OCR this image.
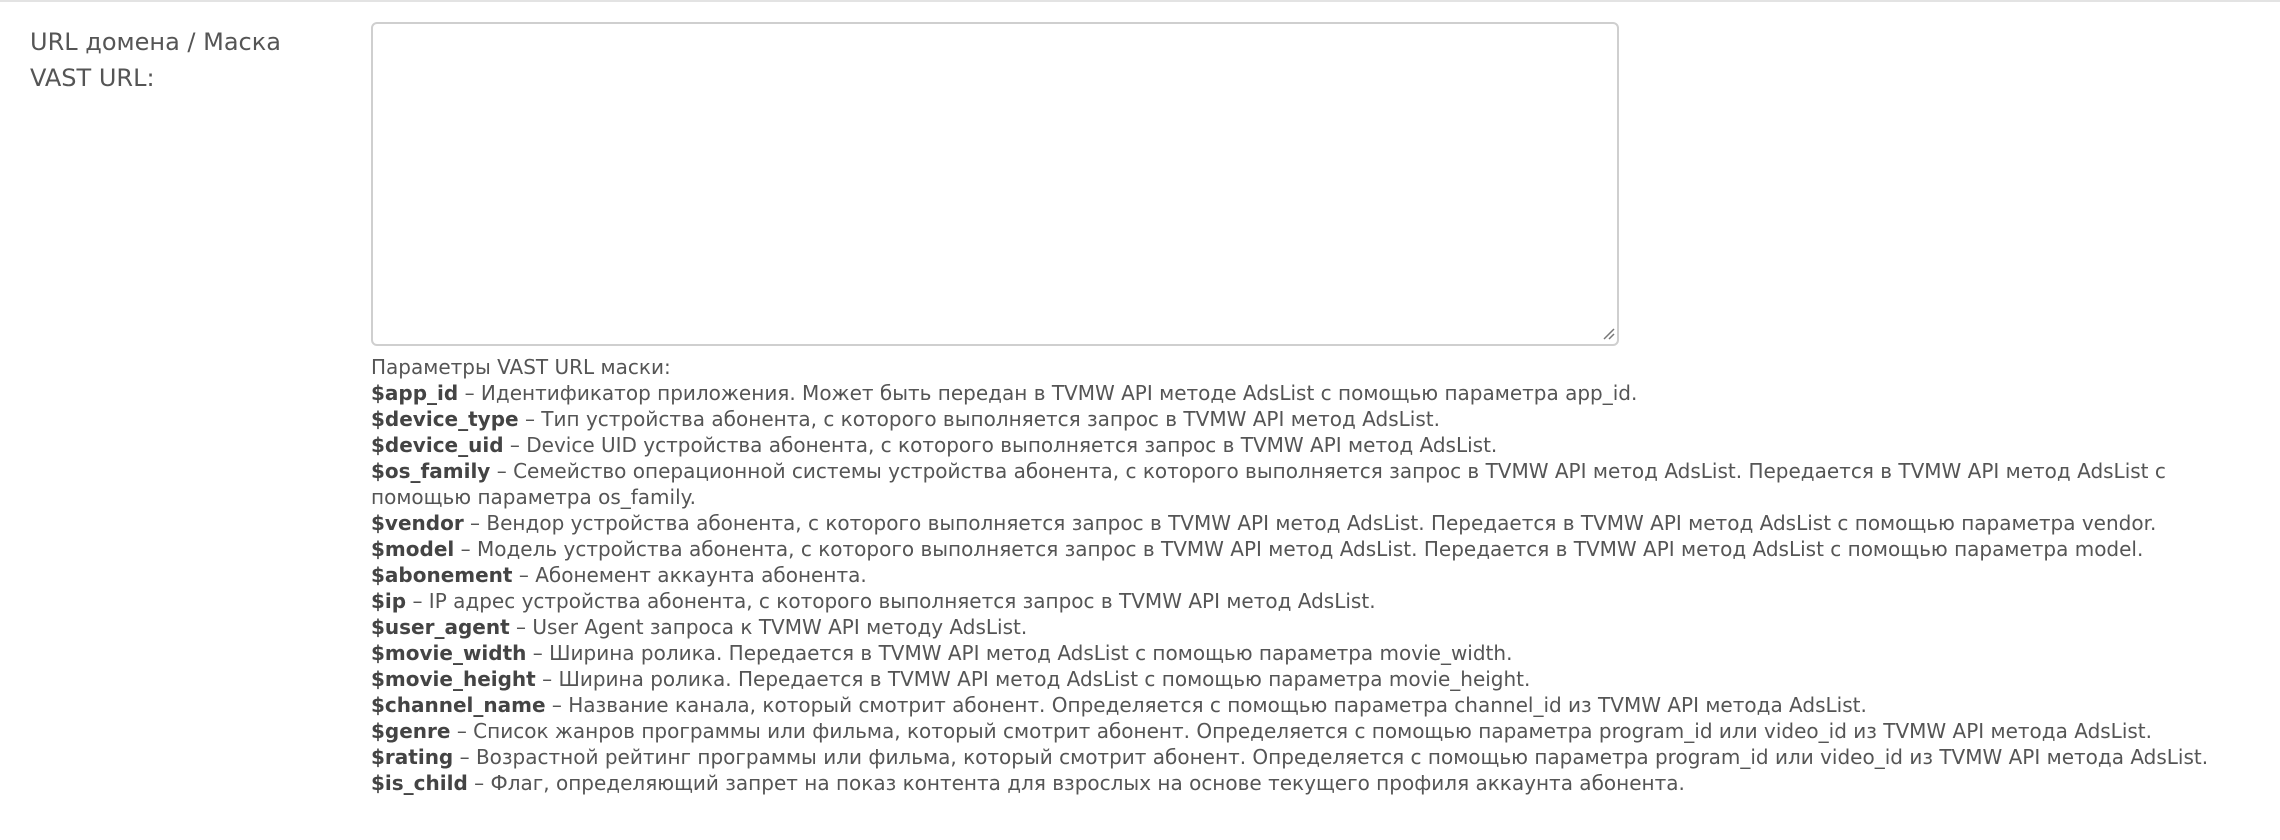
URL домена / Маска
VAST URL:
Параметры VAST URL маски:
$app_id – Идентификатор приложения. Может быть передан в TVMW API методе AdsList с помощью параметра app_id.
$device_type – Тип устройства абонента, с которого выполняется запрос в TVMW API метод AdsList.
$device_uid – Device UID устройства абонента, с которого выполняется запрос в TVMW API метод AdsList.
$os_family – Семейство операционной системы устройства абонента, с которого выполняется запрос в TVMW API метод AdsList. Передается в TVMW API метод AdsList с помощью параметра os_family.
$vendor – Вендор устройства абонента, с которого выполняется запрос в TVMW API метод AdsList. Передается в TVMW API метод AdsList с помощью параметра vendor.
$model – Модель устройства абонента, с которого выполняется запрос в TVMW API метод AdsList. Передается в TVMW API метод AdsList с помощью параметра model.
$abonement – Абонемент аккаунта абонента.
$ip – IP адрес устройства абонента, с которого выполняется запрос в TVMW API метод AdsList.
$user_agent – User Agent запроса к TVMW API методу AdsList.
$movie_width – Ширина ролика. Передается в TVMW API метод AdsList с помощью параметра movie_width.
$movie_height – Ширина ролика. Передается в TVMW API метод AdsList с помощью параметра movie_height.
$channel_name – Название канала, который смотрит абонент. Определяется с помощью параметра channel_id из TVMW API метода AdsList.
$genre – Список жанров программы или фильма, который смотрит абонент. Определяется с помощью параметра program_id или video_id из TVMW API метода AdsList.
$rating – Возрастной рейтинг программы или фильма, который смотрит абонент. Определяется с помощью параметра program_id или video_id из TVMW API метода AdsList.
$is_child – Флаг, определяющий запрет на показ контента для взрослых на основе текущего профиля аккаунта абонента.
